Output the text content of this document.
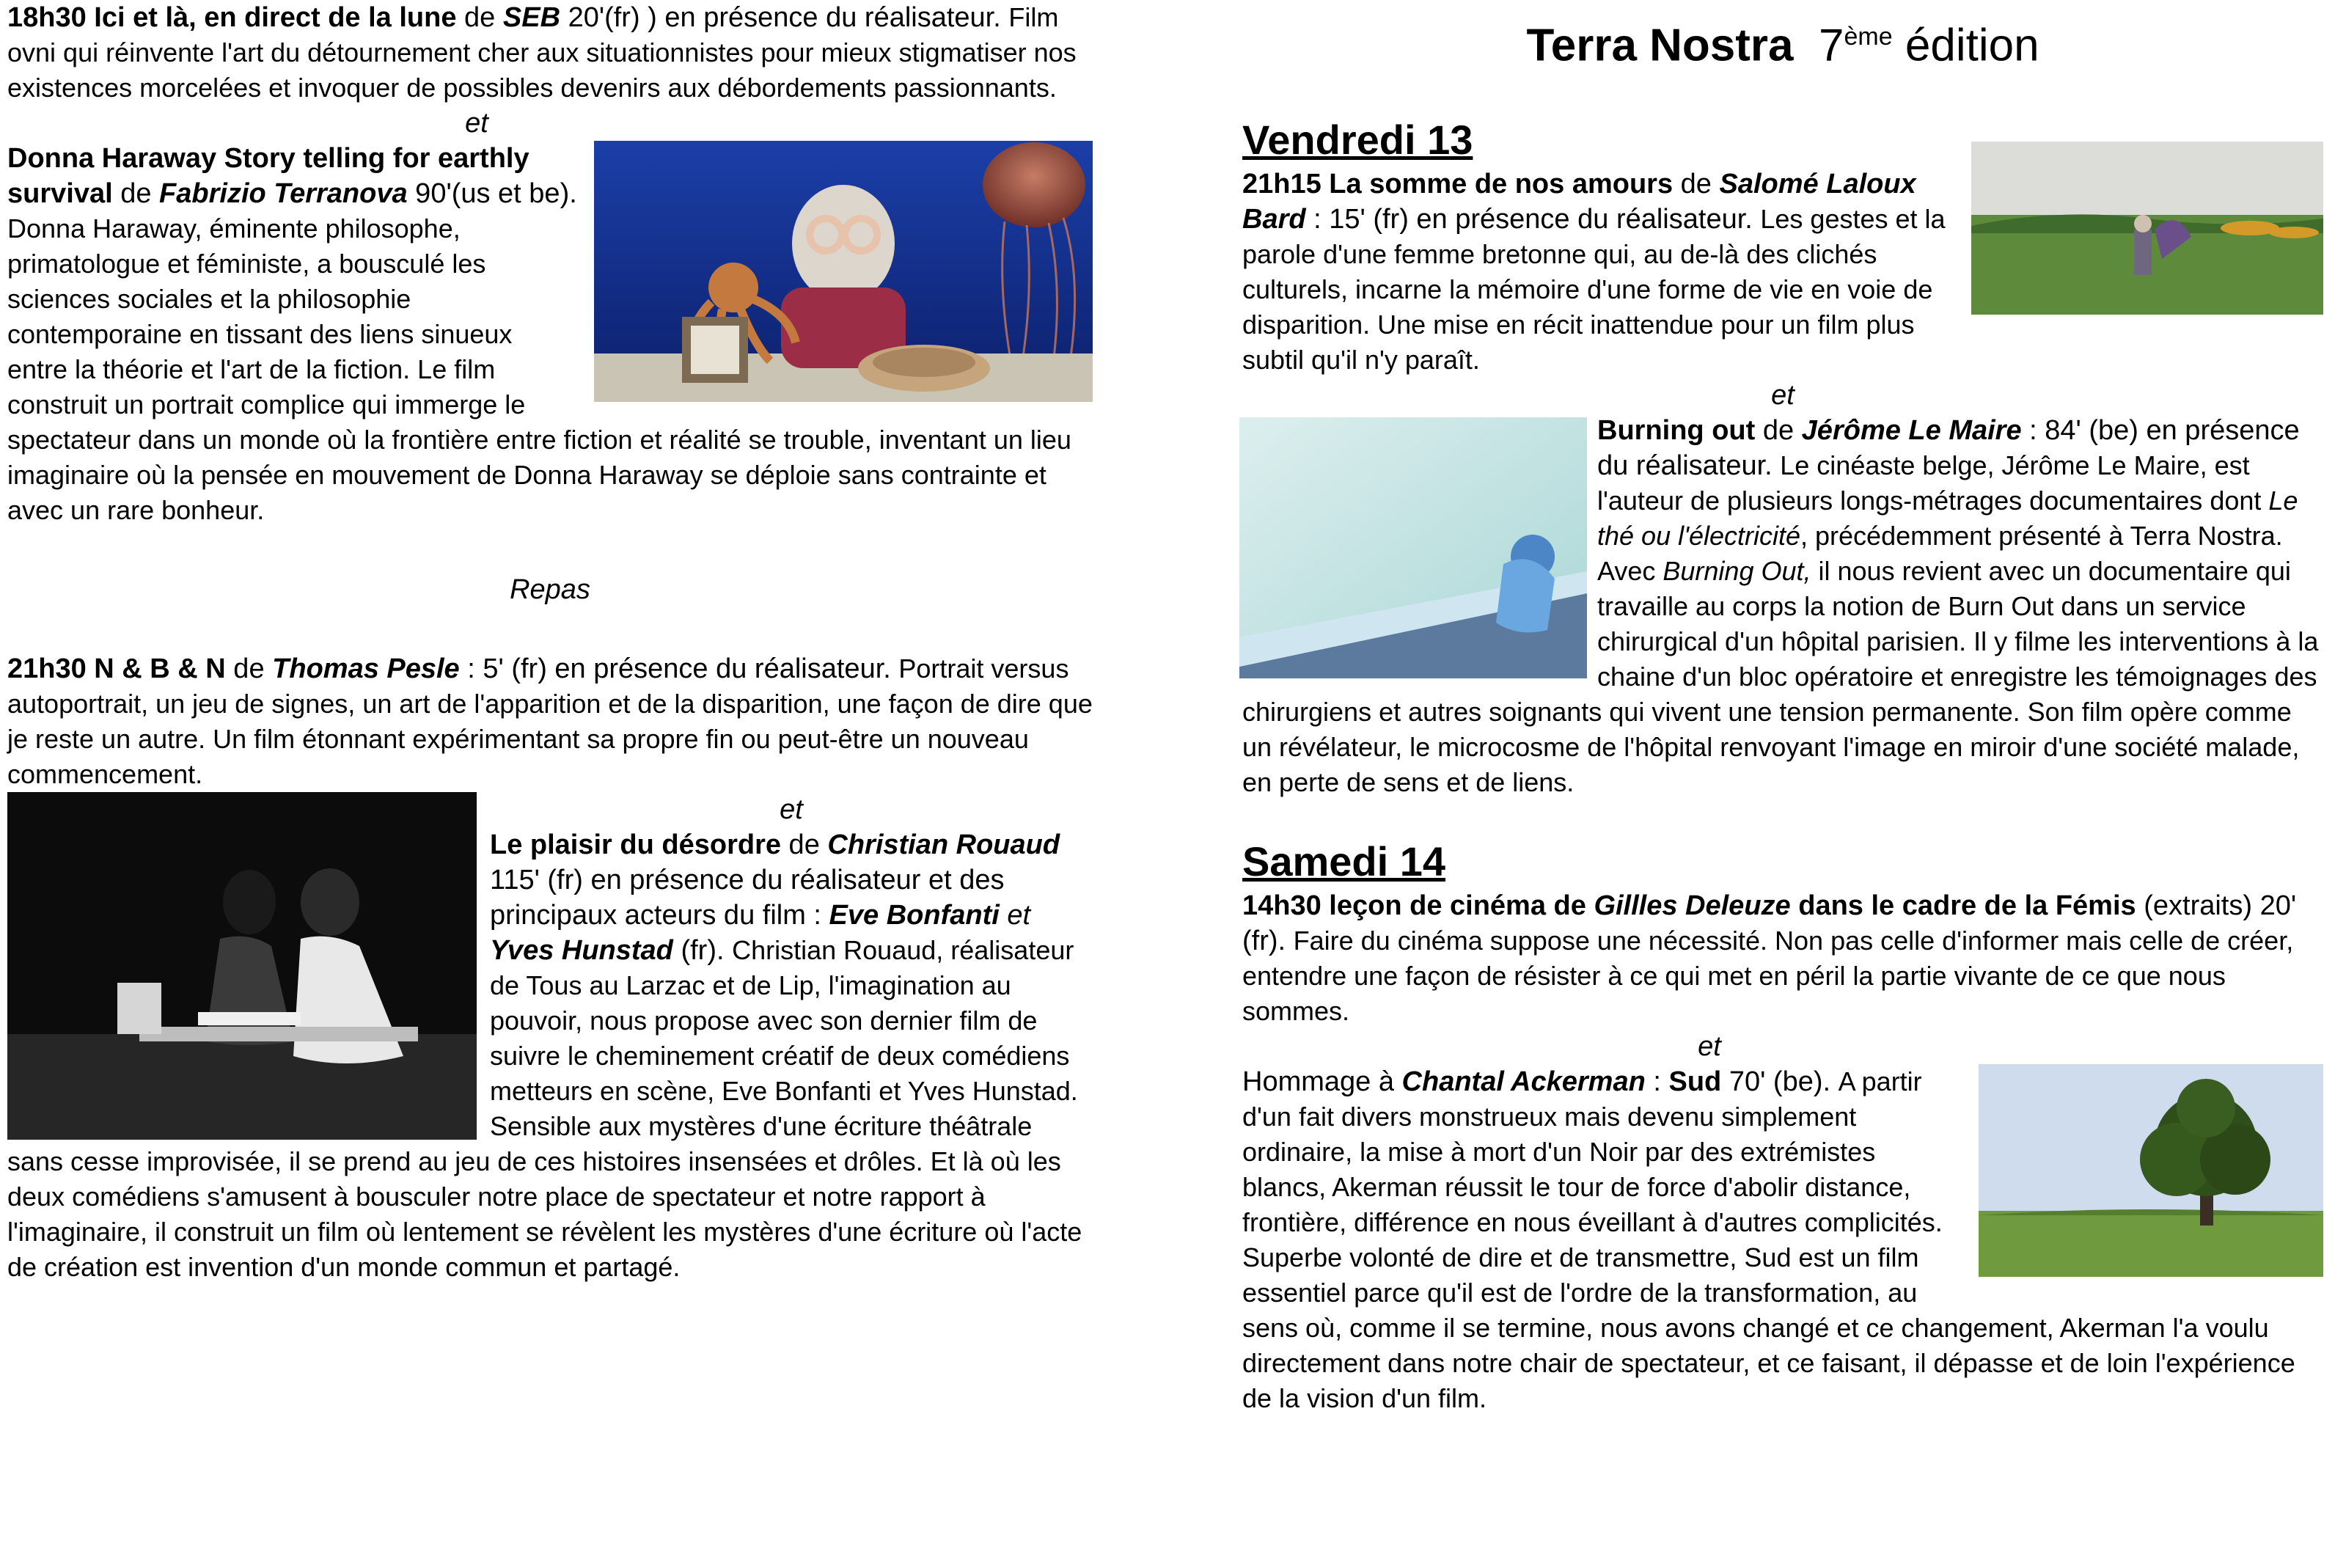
18h30 Ici et là, en direct de la lune de SEB 20'(fr) ) en présence du réalisateur. Film ovni qui réinvente l'art du détournement cher aux situationnistes pour mieux stigmatiser nos existences morcelées et invoquer de possibles devenirs aux débordements passionnants.

et

Donna Haraway Story telling for earthly survival de Fabrizio Terranova 90'(us et be). Donna Haraway, éminente philosophe, primatologue et féministe, a bousculé les sciences sociales et la philosophie contemporaine en tissant des liens sinueux entre la théorie et l'art de la fiction. Le film construit un portrait complice qui immerge le spectateur dans un monde où la frontière entre fiction et réalité se trouble, inventant un lieu imaginaire où la pensée en mouvement de Donna Haraway se déploie sans contrainte et avec un rare bonheur.

Repas

21h30 N & B & N de Thomas Pesle : 5' (fr) en présence du réalisateur. Portrait versus autoportrait, un jeu de signes, un art de l'apparition et de la disparition, une façon de dire que je reste un autre. Un film étonnant expérimentant sa propre fin ou peut-être un nouveau commencement.

et

Le plaisir du désordre de Christian Rouaud 115' (fr) en présence du réalisateur et des principaux acteurs du film : Eve Bonfanti et Yves Hunstad (fr). Christian Rouaud, réalisateur de Tous au Larzac et de Lip, l'imagination au pouvoir, nous propose avec son dernier film de suivre le cheminement créatif de deux comédiens metteurs en scène, Eve Bonfanti et Yves Hunstad. Sensible aux mystères d'une écriture théâtrale sans cesse improvisée, il se prend au jeu de ces histoires insensées et drôles. Et là où les deux comédiens s'amusent à bousculer notre place de spectateur et notre rapport à l'imaginaire, il construit un film où lentement se révèlent les mystères d'une écriture où l'acte de création est invention d'un monde commun et partagé.

Terra Nostra 7ème édition

Vendredi 13

21h15 La somme de nos amours de Salomé Laloux Bard : 15' (fr) en présence du réalisateur. Les gestes et la parole d'une femme bretonne qui, au de-là des clichés culturels, incarne la mémoire d'une forme de vie en voie de disparition. Une mise en récit inattendue pour un film plus subtil qu'il n'y paraît.

et

Burning out de Jérôme Le Maire : 84' (be) en présence du réalisateur. Le cinéaste belge, Jérôme Le Maire, est l'auteur de plusieurs longs-métrages documentaires dont Le thé ou l'électricité, précédemment présenté à Terra Nostra. Avec Burning Out, il nous revient avec un documentaire qui travaille au corps la notion de Burn Out dans un service chirurgical d'un hôpital parisien. Il y filme les interventions à la chaine d'un bloc opératoire et enregistre les témoignages des chirurgiens et autres soignants qui vivent une tension permanente. Son film opère comme un révélateur, le microcosme de l'hôpital renvoyant l'image en miroir d'une société malade, en perte de sens et de liens.

Samedi 14

14h30 leçon de cinéma de Gillles Deleuze dans le cadre de la Fémis (extraits) 20' (fr). Faire du cinéma suppose une nécessité. Non pas celle d'informer mais celle de créer, entendre une façon de résister à ce qui met en péril la partie vivante de ce que nous sommes.

et

Hommage à Chantal Ackerman : Sud 70' (be). A partir d'un fait divers monstrueux mais devenu simplement ordinaire, la mise à mort d'un Noir par des extrémistes blancs, Akerman réussit le tour de force d'abolir distance, frontière, différence en nous éveillant à d'autres complicités. Superbe volonté de dire et de transmettre, Sud est un film essentiel parce qu'il est de l'ordre de la transformation, au sens où, comme il se termine, nous avons changé et ce changement, Akerman l'a voulu directement dans notre chair de spectateur, et ce faisant, il dépasse et de loin l'expérience de la vision d'un film.
